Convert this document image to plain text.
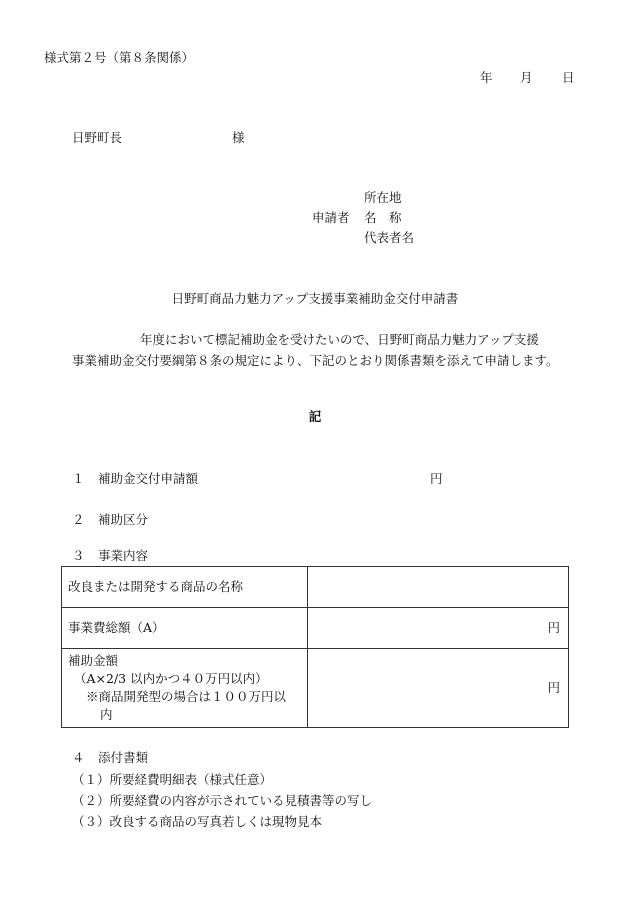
様式第２号（第８条関係）
年 月 日
日野町長	様
所在地
申請者 名　称
代表者名
日野町商品力魅力アップ支援事業補助金交付申請書

年度において標記補助金を受けたいので、日野町商品力魅力アップ支援

事業補助金交付要綱第８条の規定により、下記のとおり関係書類を添えて申請します。

記
１ 補助金交付申請額	円
２ 補助区分
３ 事業内容
改良または開発する商品の名称	
事業費総額（A）	円

補助金額
（A×2/3 以内かつ４０万円以内）
※商品開発型の場合は１００万円以
内	円
４ 添付書類
（１）所要経費明細表（様式任意）
（２）所要経費の内容が示されている見積書等の写し
（３）改良する商品の写真若しくは現物見本
